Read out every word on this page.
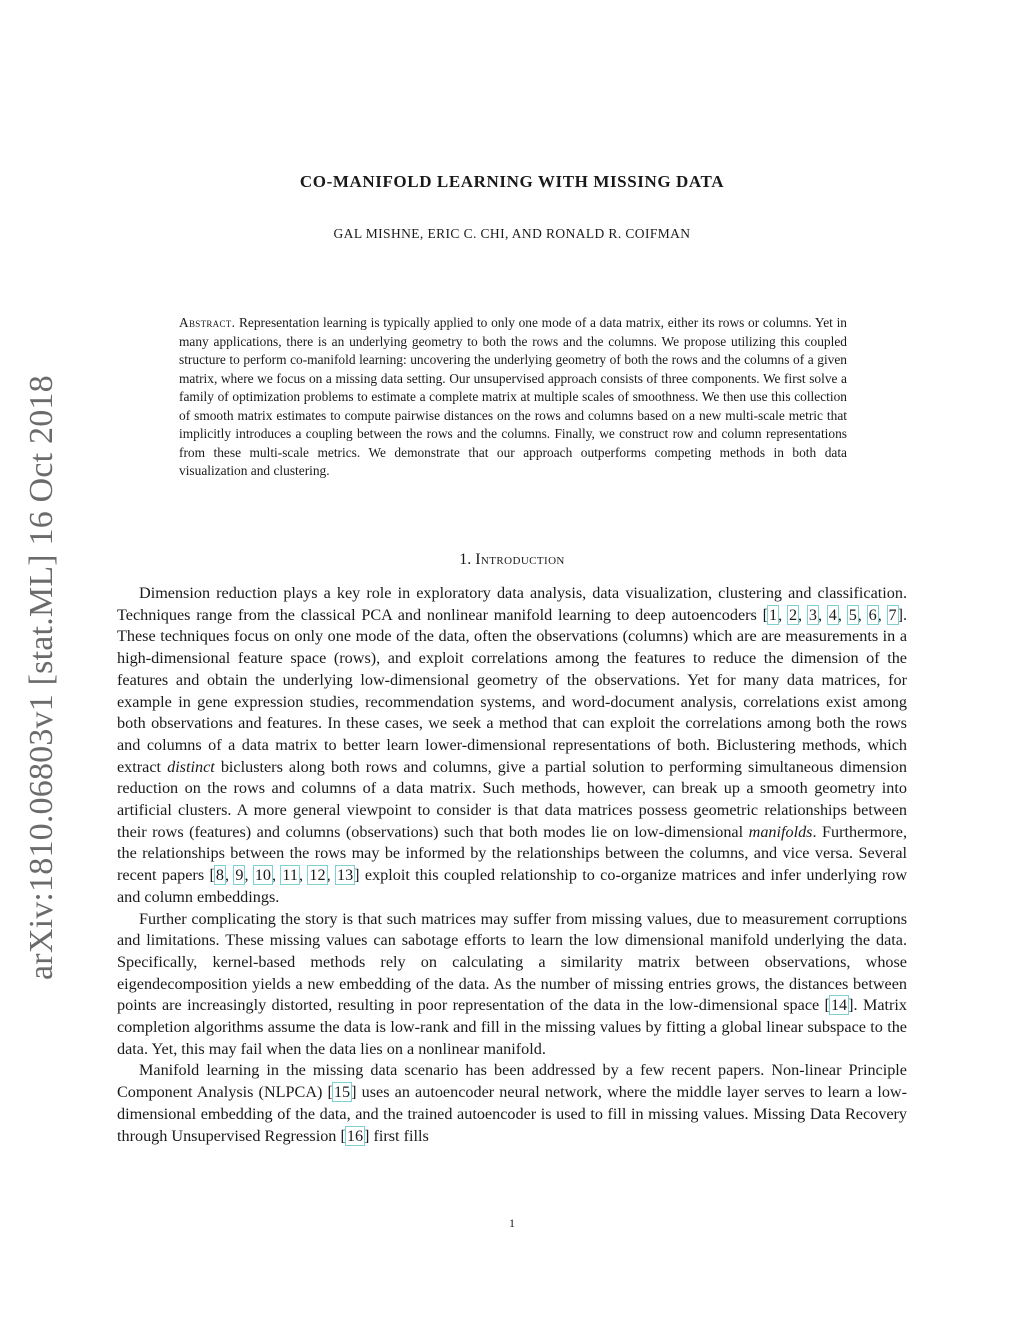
arXiv:1810.06803v1 [stat.ML] 16 Oct 2018
CO-MANIFOLD LEARNING WITH MISSING DATA
GAL MISHNE, ERIC C. CHI, AND RONALD R. COIFMAN
Abstract. Representation learning is typically applied to only one mode of a data matrix, either its rows or columns. Yet in many applications, there is an underlying geometry to both the rows and the columns. We propose utilizing this coupled structure to perform co-manifold learning: uncovering the underlying geometry of both the rows and the columns of a given matrix, where we focus on a missing data setting. Our unsupervised approach consists of three components. We first solve a family of optimization problems to estimate a complete matrix at multiple scales of smoothness. We then use this collection of smooth matrix estimates to compute pairwise distances on the rows and columns based on a new multi-scale metric that implicitly introduces a coupling between the rows and the columns. Finally, we construct row and column representations from these multi-scale metrics. We demonstrate that our approach outperforms competing methods in both data visualization and clustering.
1. Introduction

Dimension reduction plays a key role in exploratory data analysis, data visualization, clustering and classification. Techniques range from the classical PCA and nonlinear manifold learning to deep autoencoders [1, 2, 3, 4, 5, 6, 7]. These techniques focus on only one mode of the data, often the observations (columns) which are are measurements in a high-dimensional feature space (rows), and exploit correlations among the features to reduce the dimension of the features and obtain the underlying low-dimensional geometry of the observations. Yet for many data matrices, for example in gene expression studies, recommendation systems, and word-document analysis, correlations exist among both observations and features. In these cases, we seek a method that can exploit the correlations among both the rows and columns of a data matrix to better learn lower-dimensional representations of both. Biclustering methods, which extract distinct biclusters along both rows and columns, give a partial solution to performing simultaneous dimension reduction on the rows and columns of a data matrix. Such methods, however, can break up a smooth geometry into artificial clusters. A more general viewpoint to consider is that data matrices possess geometric relationships between their rows (features) and columns (observations) such that both modes lie on low-dimensional manifolds. Furthermore, the relationships between the rows may be informed by the relationships between the columns, and vice versa. Several recent papers [8, 9, 10, 11, 12, 13] exploit this coupled relationship to co-organize matrices and infer underlying row and column embeddings.

Further complicating the story is that such matrices may suffer from missing values, due to measurement corruptions and limitations. These missing values can sabotage efforts to learn the low dimensional manifold underlying the data. Specifically, kernel-based methods rely on calculating a similarity matrix between observations, whose eigendecomposition yields a new embedding of the data. As the number of missing entries grows, the distances between points are increasingly distorted, resulting in poor representation of the data in the low-dimensional space [14]. Matrix completion algorithms assume the data is low-rank and fill in the missing values by fitting a global linear subspace to the data. Yet, this may fail when the data lies on a nonlinear manifold.

Manifold learning in the missing data scenario has been addressed by a few recent papers. Non-linear Principle Component Analysis (NLPCA) [15] uses an autoencoder neural network, where the middle layer serves to learn a low-dimensional embedding of the data, and the trained autoencoder is used to fill in missing values. Missing Data Recovery through Unsupervised Regression [16] first fills

1
